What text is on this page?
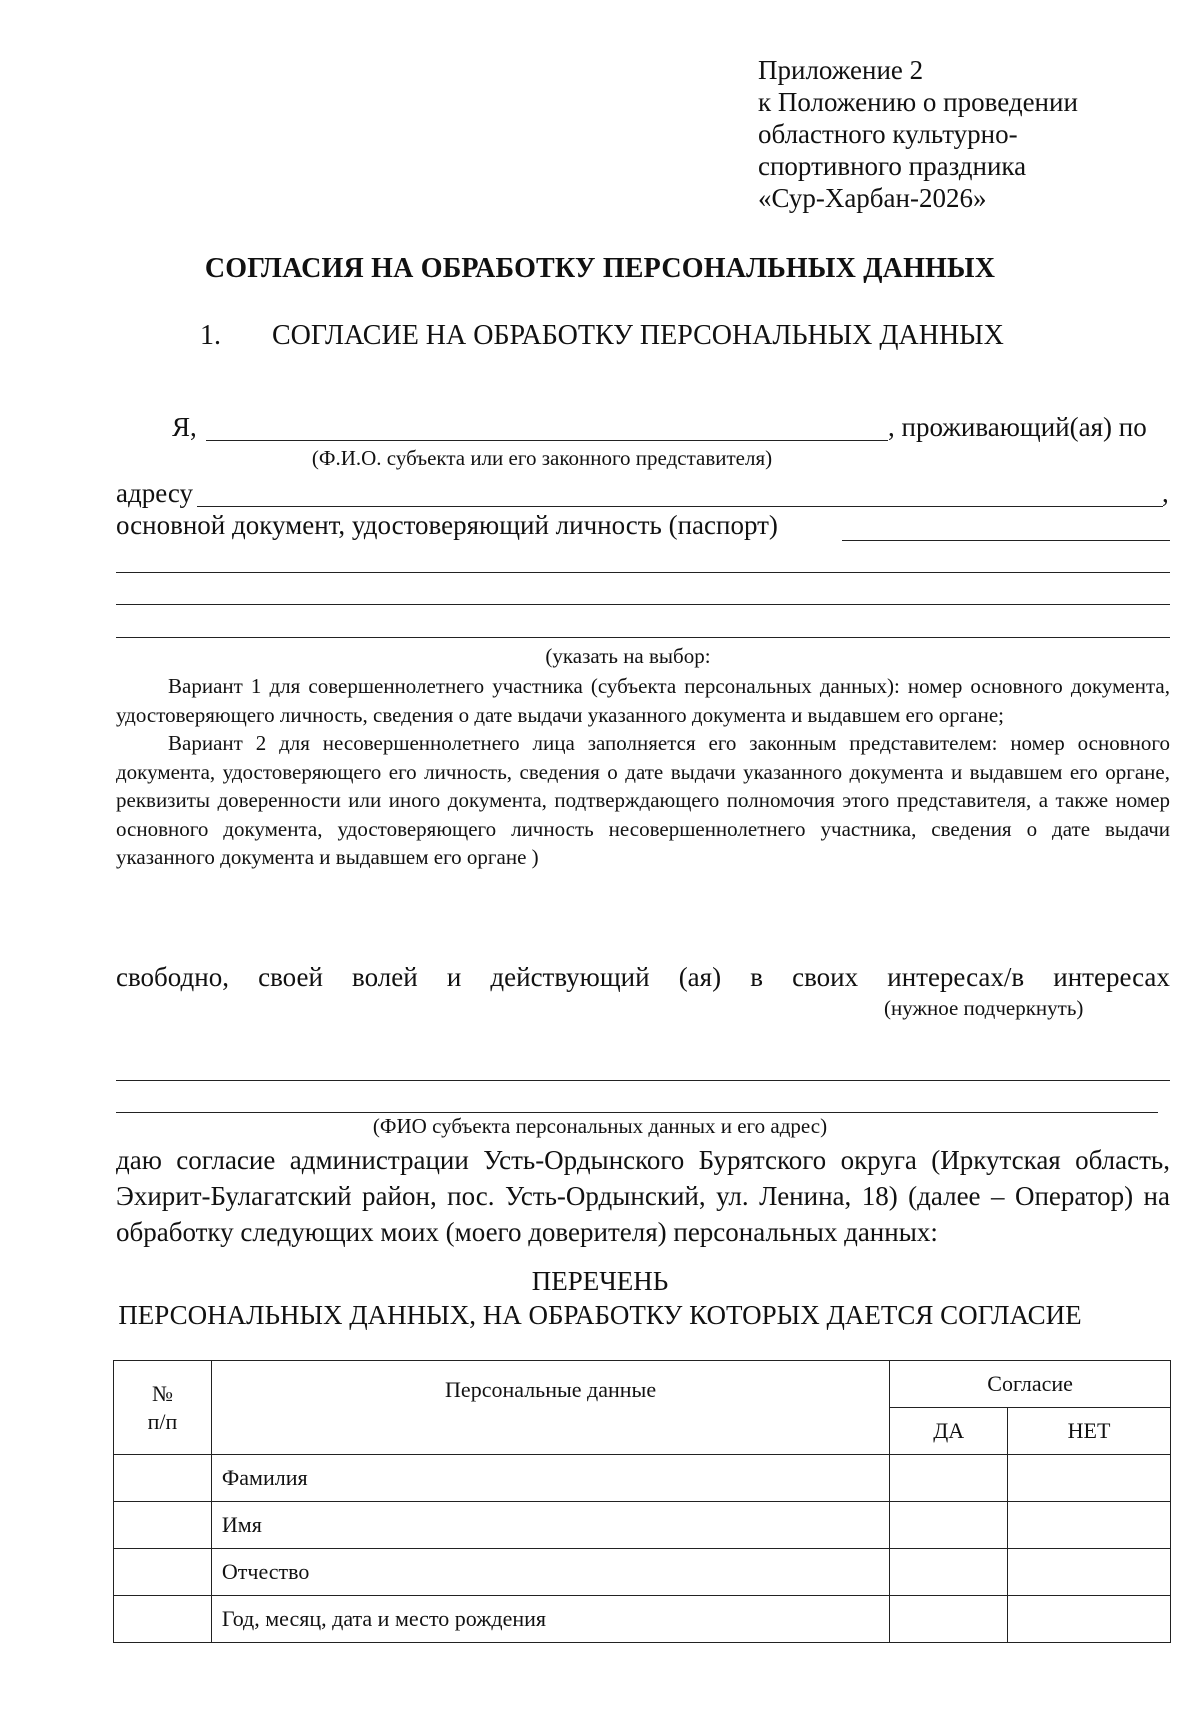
Приложение 2
к Положению о проведении
областного культурно-
спортивного праздника
«Сур-Харбан-2026»
СОГЛАСИЯ НА ОБРАБОТКУ ПЕРСОНАЛЬНЫХ ДАННЫХ
1. СОГЛАСИЕ НА ОБРАБОТКУ ПЕРСОНАЛЬНЫХ ДАННЫХ
Я,	, проживающий(ая) по
(Ф.И.О. субъекта или его законного представителя)
адресу	,
основной документ, удостоверяющий личность (паспорт)
(указать на выбор:

Вариант 1 для совершеннолетнего участника (субъекта персональных данных): номер основного документа, удостоверяющего личность, сведения о дате выдачи указанного документа и выдавшем его органе;

Вариант 2 для несовершеннолетнего лица заполняется его законным представителем: номер основного документа, удостоверяющего его личность, сведения о дате выдачи указанного документа и выдавшем его органе, реквизиты доверенности или иного документа, подтверждающего полномочия этого представителя, а также номер основного документа, удостоверяющего личность несовершеннолетнего участника, сведения о дате выдачи указанного документа и выдавшем его органе )

свободно, своей волей и действующий (ая) в своих интересах/в интересах
(нужное подчеркнуть)
(ФИО субъекта персональных данных и его адрес)
даю согласие администрации Усть-Ордынского Бурятского округа (Иркутская область, Эхирит-Булагатский район, пос. Усть-Ордынский, ул. Ленина, 18) (далее – Оператор) на обработку следующих моих (моего доверителя) персональных данных:
ПЕРЕЧЕНЬ
ПЕРСОНАЛЬНЫХ ДАННЫХ, НА ОБРАБОТКУ КОТОРЫХ ДАЕТСЯ СОГЛАСИЕ
№
п/п	Персональные данные	Согласие	
		ДА	НЕТ
	Фамилия		
	Имя		
	Отчество		
	Год, месяц, дата и место рождения		
